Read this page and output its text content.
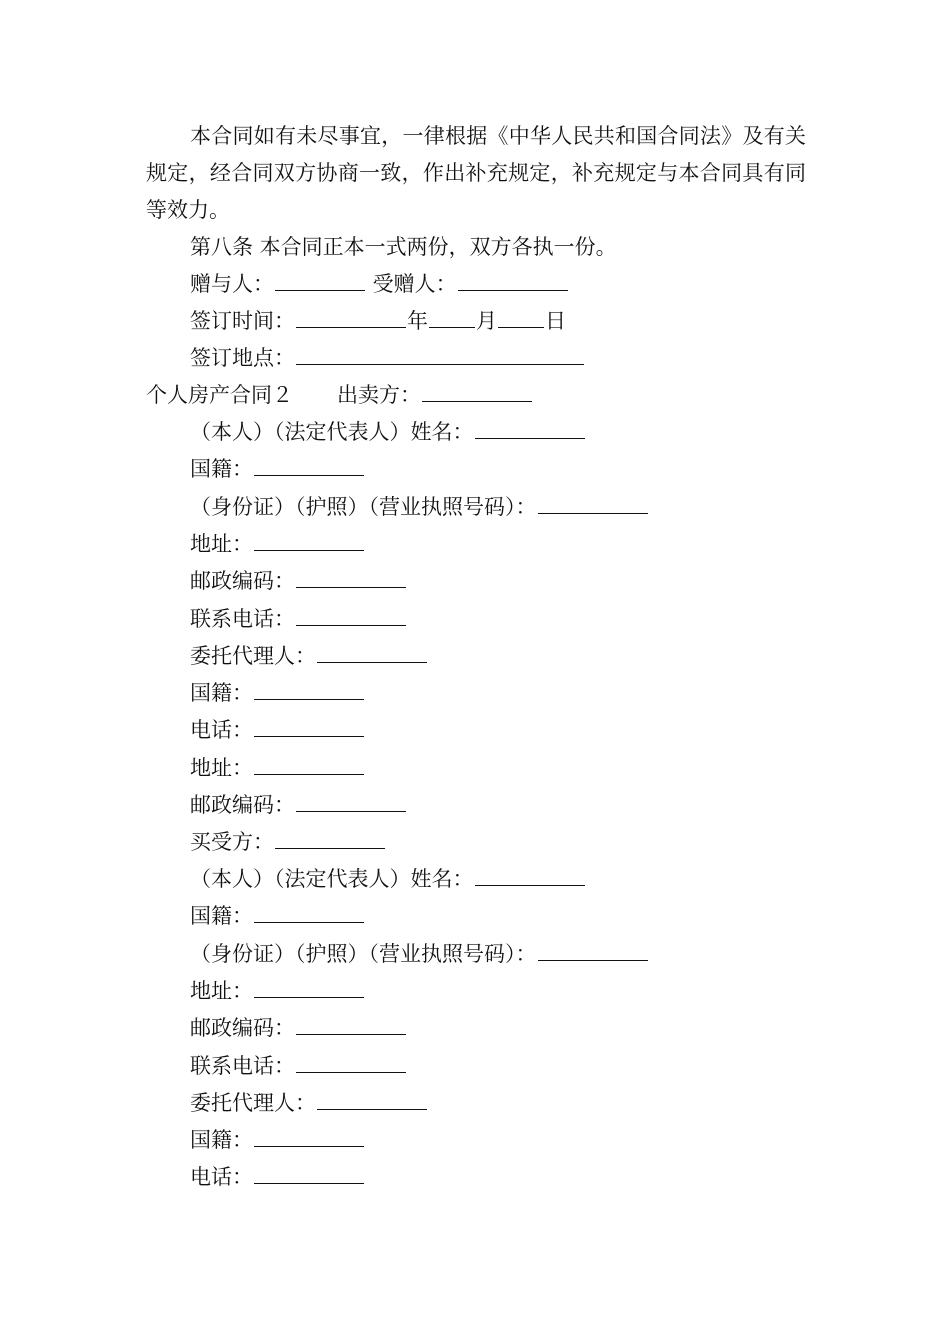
本合同如有未尽事宜，一律根据《中华人民共和国合同法》及有关规定，经合同双方协商一致，作出补充规定，补充规定与本合同具有同等效力。

第八条 本合同正本一式两份，双方各执一份。
赠与人：	受赠人：
签订时间：	年 月 日
签订地点：
个人房产合同２ 出卖方：
（本人）（法定代表人）姓名：
国籍：
（身份证）（护照）（营业执照号码）：
地址：
邮政编码：
联系电话：
委托代理人：
国籍：
电话：
地址：
邮政编码：
买受方：
（本人）（法定代表人）姓名：
国籍：
（身份证）（护照）（营业执照号码）：
地址：
邮政编码：
联系电话：
委托代理人：
国籍：
电话：
